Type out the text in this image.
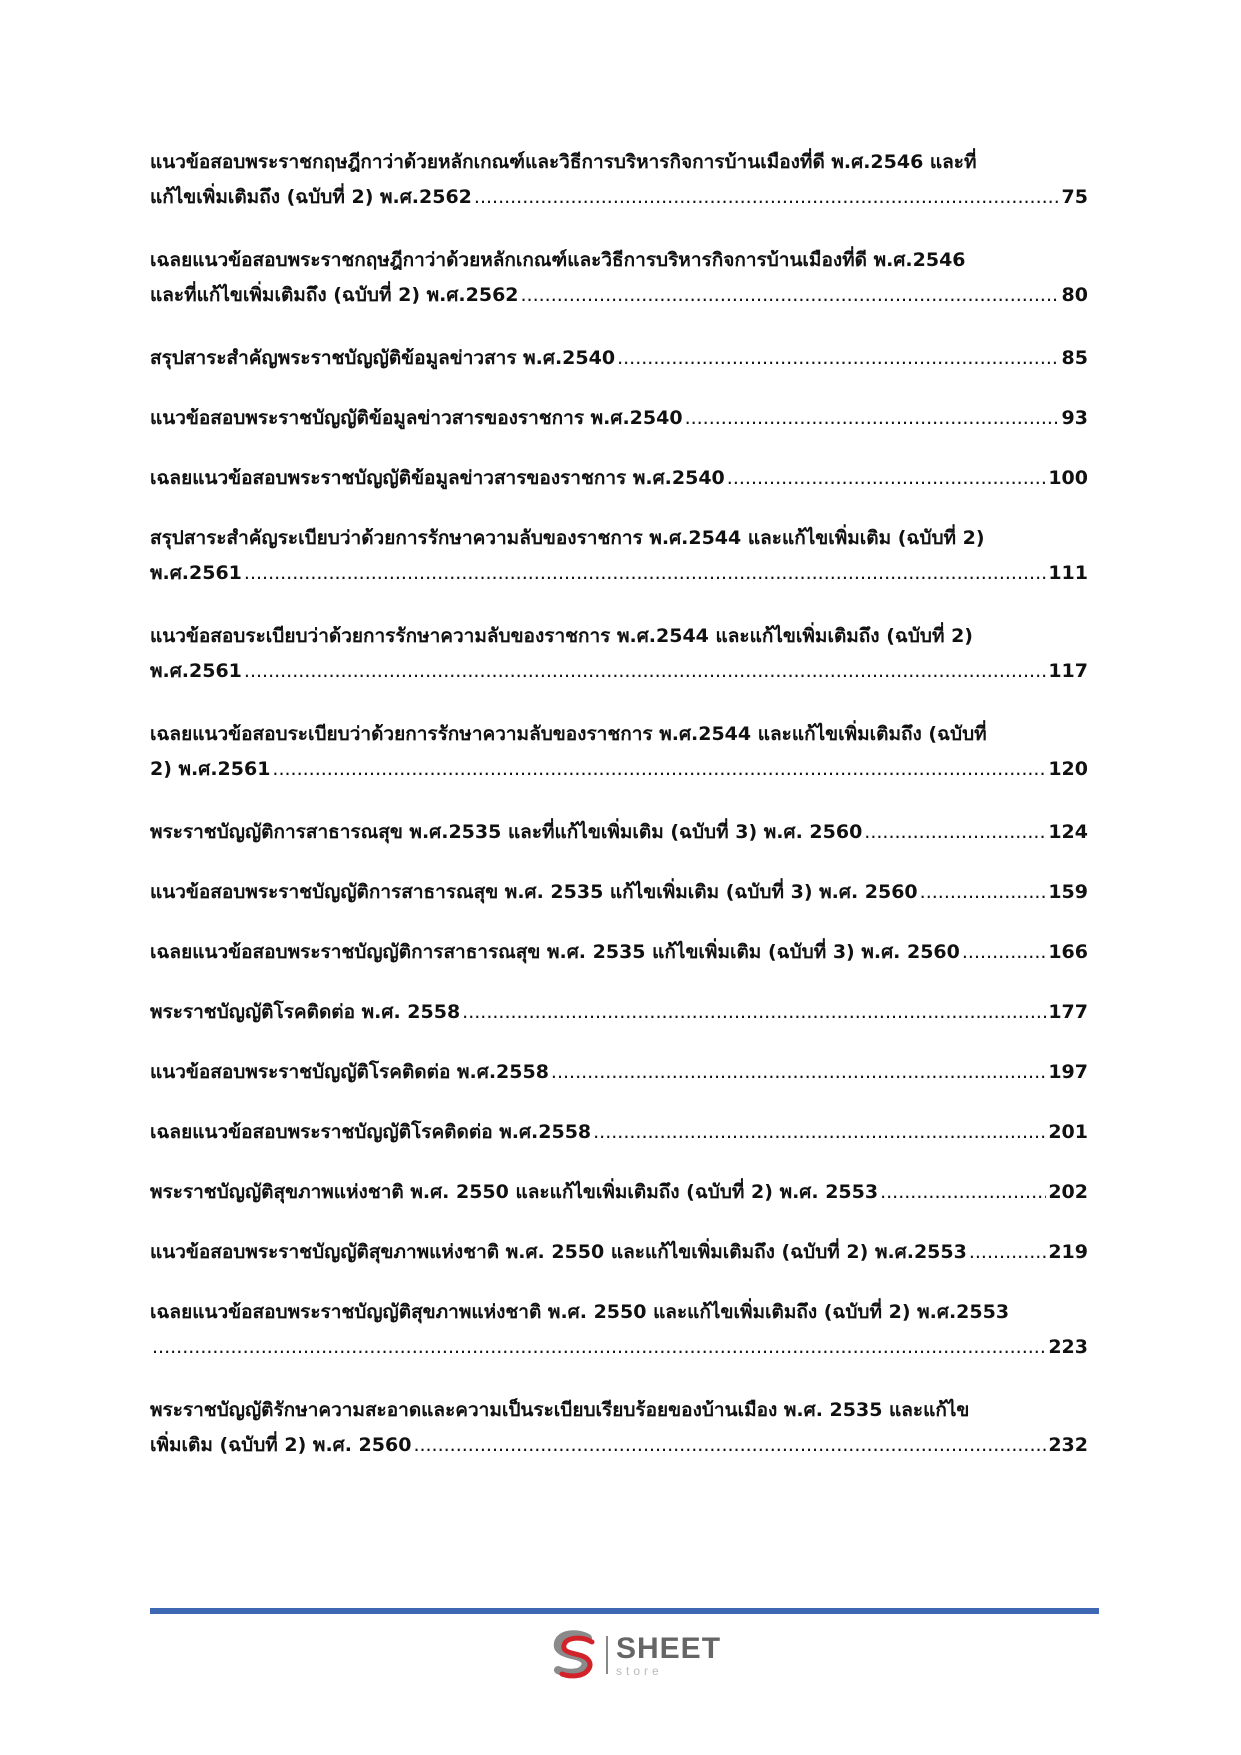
แนวข้อสอบพระราชกฤษฎีกาว่าด้วยหลักเกณฑ์และวิธีการบริหารกิจการบ้านเมืองที่ดี พ.ศ.2546 และที่
แก้ไขเพิ่มเติมถึง (ฉบับที่ 2) พ.ศ.2562 .....	75
เฉลยแนวข้อสอบพระราชกฤษฎีกาว่าด้วยหลักเกณฑ์และวิธีการบริหารกิจการบ้านเมืองที่ดี พ.ศ.2546
และที่แก้ไขเพิ่มเติมถึง (ฉบับที่ 2) พ.ศ.2562 .....	80
สรุปสาระสำคัญพระราชบัญญัติข้อมูลข่าวสาร พ.ศ.2540 .....	85
แนวข้อสอบพระราชบัญญัติข้อมูลข่าวสารของราชการ พ.ศ.2540 .....	93
เฉลยแนวข้อสอบพระราชบัญญัติข้อมูลข่าวสารของราชการ พ.ศ.2540 .....	100
สรุปสาระสำคัญระเบียบว่าด้วยการรักษาความลับของราชการ พ.ศ.2544 และแก้ไขเพิ่มเติม (ฉบับที่ 2)
พ.ศ.2561 .....	111
แนวข้อสอบระเบียบว่าด้วยการรักษาความลับของราชการ พ.ศ.2544 และแก้ไขเพิ่มเติมถึง (ฉบับที่ 2)
พ.ศ.2561 .....	117
เฉลยแนวข้อสอบระเบียบว่าด้วยการรักษาความลับของราชการ พ.ศ.2544 และแก้ไขเพิ่มเติมถึง (ฉบับที่
2) พ.ศ.2561 .....	120
พระราชบัญญัติการสาธารณสุข พ.ศ.2535 และที่แก้ไขเพิ่มเติม (ฉบับที่ 3) พ.ศ. 2560 .....	124
แนวข้อสอบพระราชบัญญัติการสาธารณสุข พ.ศ. 2535 แก้ไขเพิ่มเติม (ฉบับที่ 3) พ.ศ. 2560 .....	159
เฉลยแนวข้อสอบพระราชบัญญัติการสาธารณสุข พ.ศ. 2535 แก้ไขเพิ่มเติม (ฉบับที่ 3) พ.ศ. 2560 .....	166
พระราชบัญญัติโรคติดต่อ พ.ศ. 2558 .....	177
แนวข้อสอบพระราชบัญญัติโรคติดต่อ พ.ศ.2558 .....	197
เฉลยแนวข้อสอบพระราชบัญญัติโรคติดต่อ พ.ศ.2558 .....	201
พระราชบัญญัติสุขภาพแห่งชาติ พ.ศ. 2550 และแก้ไขเพิ่มเติมถึง (ฉบับที่ 2) พ.ศ. 2553 .....	202
แนวข้อสอบพระราชบัญญัติสุขภาพแห่งชาติ พ.ศ. 2550 และแก้ไขเพิ่มเติมถึง (ฉบับที่ 2) พ.ศ.2553 .....	219
เฉลยแนวข้อสอบพระราชบัญญัติสุขภาพแห่งชาติ พ.ศ. 2550 และแก้ไขเพิ่มเติมถึง (ฉบับที่ 2) พ.ศ.2553
.....
223
พระราชบัญญัติรักษาความสะอาดและความเป็นระเบียบเรียบร้อยของบ้านเมือง พ.ศ. 2535 และแก้ไข
เพิ่มเติม (ฉบับที่ 2) พ.ศ. 2560 .....	232
SHEET
store
